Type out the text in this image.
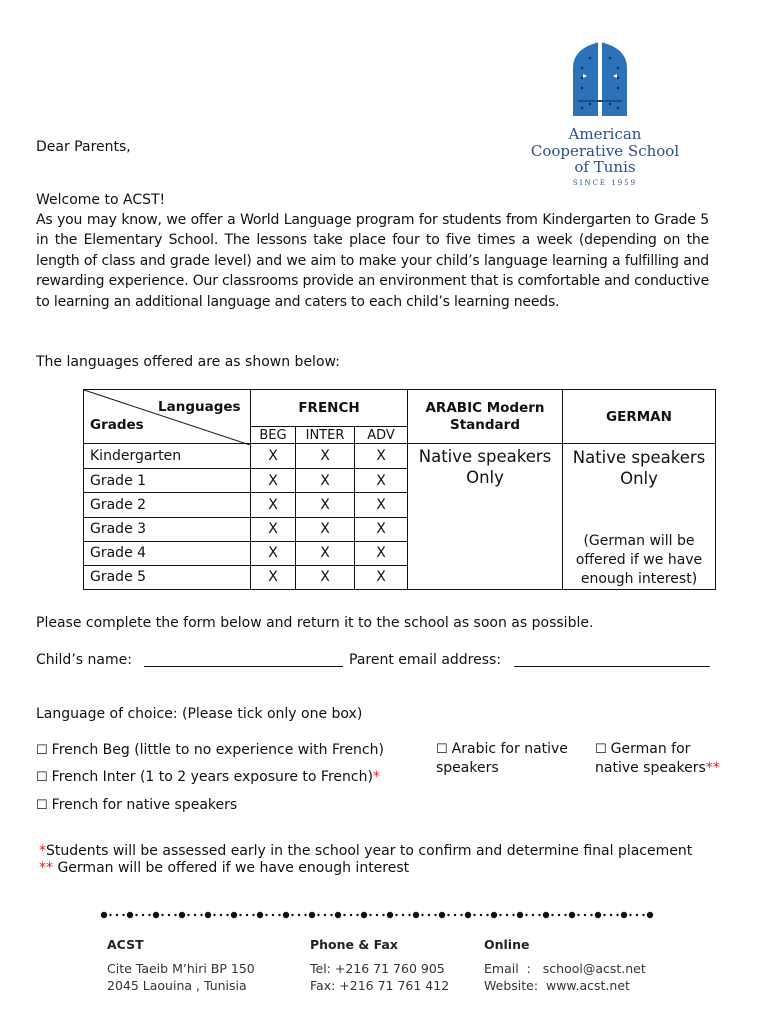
American
Cooperative School
of Tunis
SINCE 1959
Dear Parents,
Welcome to ACST!

As you may know, we offer a World Language program for students from Kindergarten to Grade 5 in the Elementary School. The lessons take place four to five times a week (depending on the length of class and grade level) and we aim to make your child’s language learning a fulfilling and rewarding experience. Our classrooms provide an environment that is comfortable and conductive to learning an additional language and caters to each child’s learning needs.

The languages offered are as shown below:
Languages
Grades	FRENCH			ARABIC Modern Standard	GERMAN
	BEG	INTER	ADV		
Kindergarten	X	X	X	Native speakers Only	Native speakers Only
(German will be offered if we have enough interest)

Grade 1	X	X	X		
Grade 2	X	X	X		
Grade 3	X	X	X		
Grade 4	X	X	X		
Grade 5	X	X	X		
Please complete the form below and return it to the school as soon as possible.
Child’s name:	Parent email address:
Language of choice: (Please tick only one box)
☐ French Beg (little to no experience with French)
☐ French Inter (1 to 2 years exposure to French)*
☐ French for native speakers
☐ Arabic for native speakers
☐ German for native speakers**
*Students will be assessed early in the school year to confirm and determine final placement
** German will be offered if we have enough interest
ACST
Cite Taeib M’hiri BP 150
2045 Laouina , Tunisia
Phone & Fax
Tel: +216 71 760 905
Fax: +216 71 761 412
Online
Email  :   school@acst.net
Website:  www.acst.net
